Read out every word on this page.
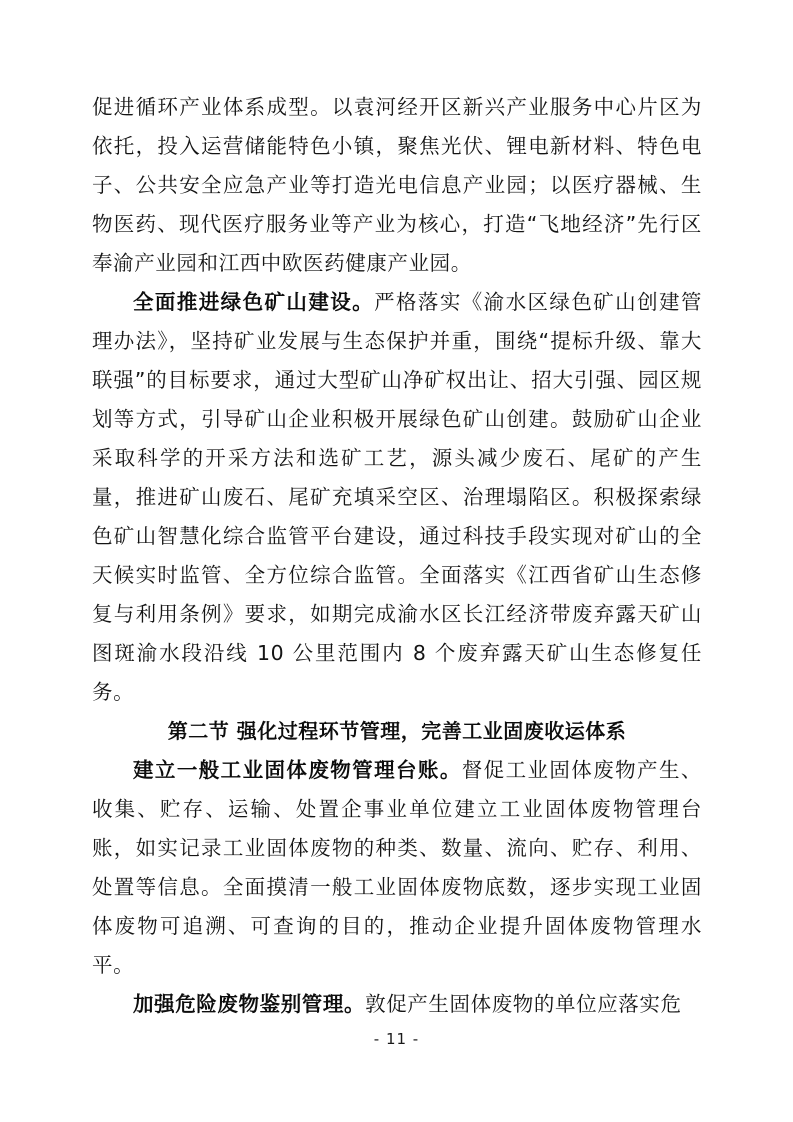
促进循环产业体系成型。以袁河经开区新兴产业服务中心片区为依托，投入运营储能特色小镇，聚焦光伏、锂电新材料、特色电子、公共安全应急产业等打造光电信息产业园；以医疗器械、生物医药、现代医疗服务业等产业为核心，打造“飞地经济”先行区奉渝产业园和江西中欧医药健康产业园。

全面推进绿色矿山建设。严格落实《渝水区绿色矿山创建管理办法》，坚持矿业发展与生态保护并重，围绕“提标升级、靠大联强”的目标要求，通过大型矿山净矿权出让、招大引强、园区规划等方式，引导矿山企业积极开展绿色矿山创建。鼓励矿山企业采取科学的开采方法和选矿工艺，源头减少废石、尾矿的产生量，推进矿山废石、尾矿充填采空区、治理塌陷区。积极探索绿色矿山智慧化综合监管平台建设，通过科技手段实现对矿山的全天候实时监管、全方位综合监管。全面落实《江西省矿山生态修复与利用条例》要求，如期完成渝水区长江经济带废弃露天矿山图斑渝水段沿线 10 公里范围内 8 个废弃露天矿山生态修复任务。

第二节 强化过程环节管理，完善工业固废收运体系

建立一般工业固体废物管理台账。督促工业固体废物产生、收集、贮存、运输、处置企事业单位建立工业固体废物管理台账，如实记录工业固体废物的种类、数量、流向、贮存、利用、处置等信息。全面摸清一般工业固体废物底数，逐步实现工业固体废物可追溯、可查询的目的，推动企业提升固体废物管理水平。

加强危险废物鉴别管理。敦促产生固体废物的单位应落实危

- 11 -
